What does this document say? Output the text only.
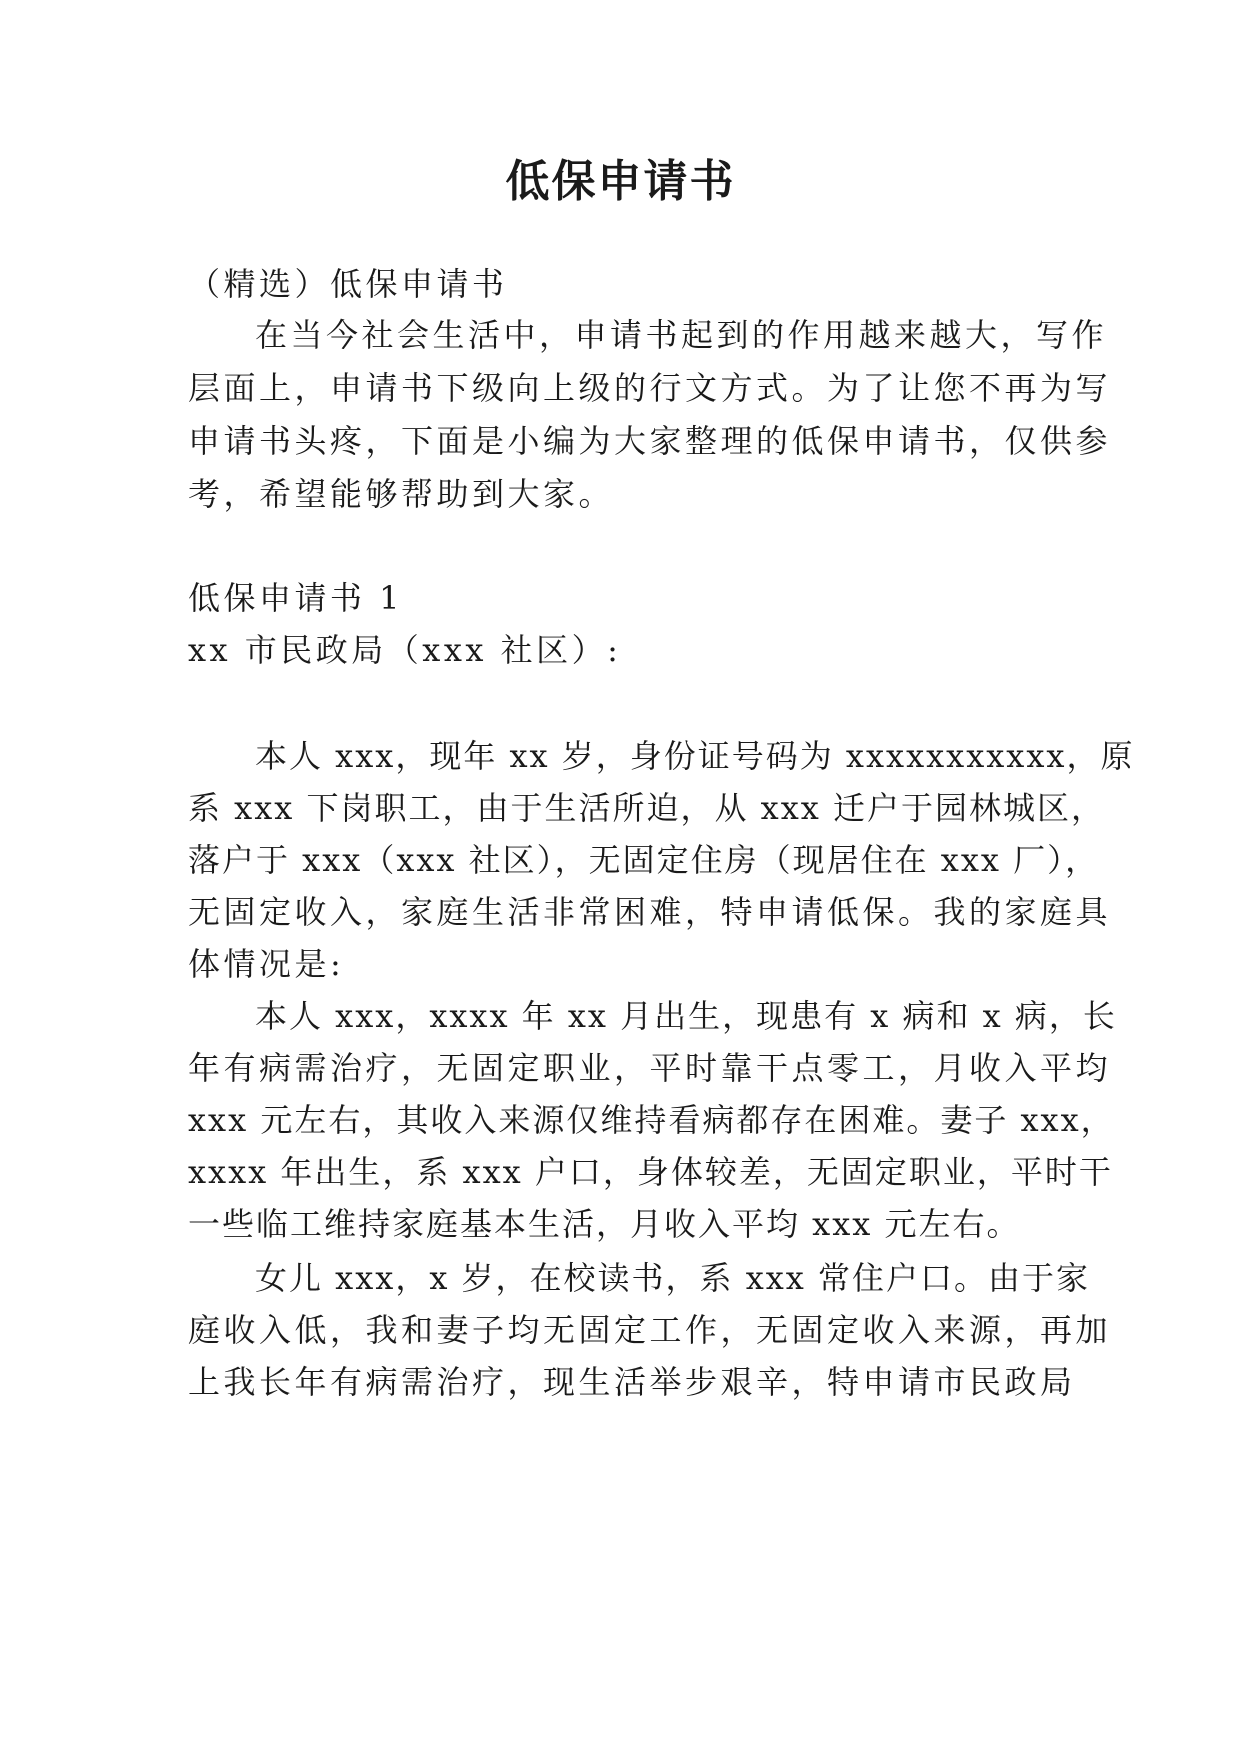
低保申请书

（精选）低保申请书

在当今社会生活中，申请书起到的作用越来越大，写作

层面上，申请书下级向上级的行文方式。为了让您不再为写

申请书头疼，下面是小编为大家整理的低保申请书，仅供参

考，希望能够帮助到大家。

低保申请书 1

xx 市民政局（xxx 社区）:

本人 xxx，现年 xx 岁，身份证号码为 xxxxxxxxxxx，原

系 xxx 下岗职工，由于生活所迫，从 xxx 迁户于园林城区，

落户于 xxx（xxx 社区），无固定住房（现居住在 xxx 厂），

无固定收入，家庭生活非常困难，特申请低保。我的家庭具

体情况是:

本人 xxx，xxxx 年 xx 月出生，现患有 x 病和 x 病，长

年有病需治疗，无固定职业，平时靠干点零工，月收入平均

xxx 元左右，其收入来源仅维持看病都存在困难。妻子 xxx，

xxxx 年出生，系 xxx 户口，身体较差，无固定职业，平时干

一些临工维持家庭基本生活，月收入平均 xxx 元左右。

女儿 xxx，x 岁，在校读书，系 xxx 常住户口。由于家

庭收入低，我和妻子均无固定工作，无固定收入来源，再加

上我长年有病需治疗，现生活举步艰辛，特申请市民政局
